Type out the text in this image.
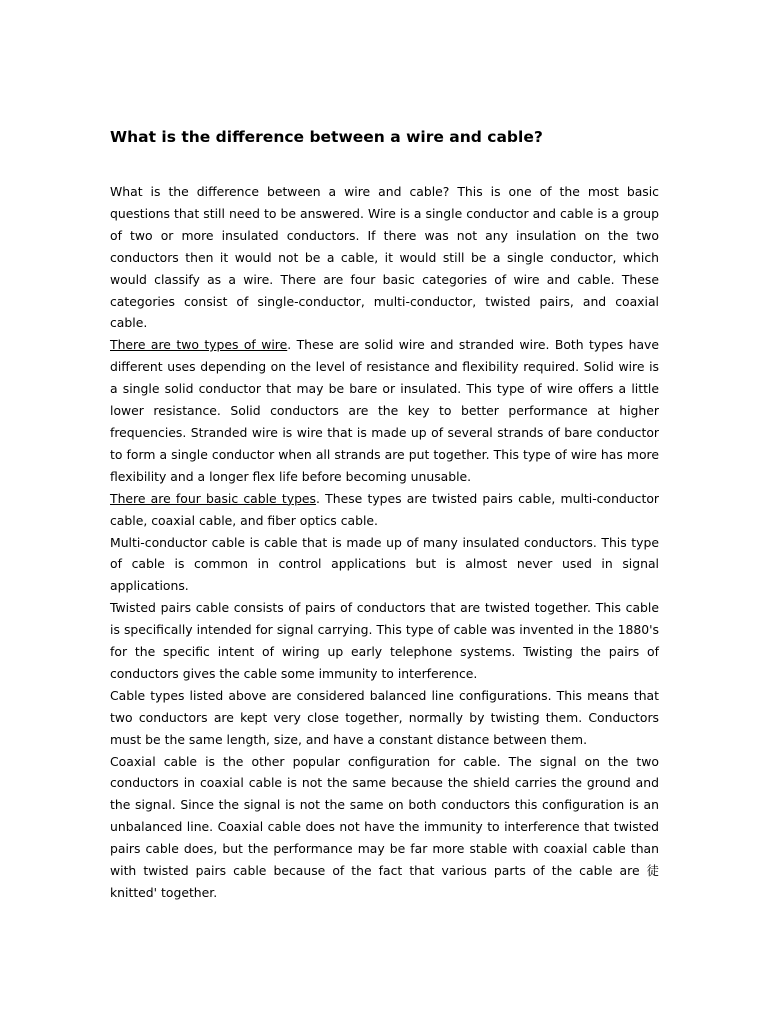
What is the difference between a wire and cable?

What is the difference between a wire and cable? This is one of the most basic questions that still need to be answered. Wire is a single conductor and cable is a group of two or more insulated conductors. If there was not any insulation on the two conductors then it would not be a cable, it would still be a single conductor, which would classify as a wire. There are four basic categories of wire and cable. These categories consist of single-conductor, multi-conductor, twisted pairs, and coaxial cable.

There are two types of wire. These are solid wire and stranded wire. Both types have different uses depending on the level of resistance and flexibility required. Solid wire is a single solid conductor that may be bare or insulated. This type of wire offers a little lower resistance. Solid conductors are the key to better performance at higher frequencies. Stranded wire is wire that is made up of several strands of bare conductor to form a single conductor when all strands are put together. This type of wire has more flexibility and a longer flex life before becoming unusable.

There are four basic cable types. These types are twisted pairs cable, multi-conductor cable, coaxial cable, and fiber optics cable.

Multi-conductor cable is cable that is made up of many insulated conductors. This type of cable is common in control applications but is almost never used in signal applications.

Twisted pairs cable consists of pairs of conductors that are twisted together. This cable is specifically intended for signal carrying. This type of cable was invented in the 1880's for the specific intent of wiring up early telephone systems. Twisting the pairs of conductors gives the cable some immunity to interference.

Cable types listed above are considered balanced line configurations. This means that two conductors are kept very close together, normally by twisting them. Conductors must be the same length, size, and have a constant distance between them.

Coaxial cable is the other popular configuration for cable. The signal on the two conductors in coaxial cable is not the same because the shield carries the ground and the signal. Since the signal is not the same on both conductors this configuration is an unbalanced line. Coaxial cable does not have the immunity to interference that twisted pairs cable does, but the performance may be far more stable with coaxial cable than with twisted pairs cable because of the fact that various parts of the cable are 徒knitted' together.
